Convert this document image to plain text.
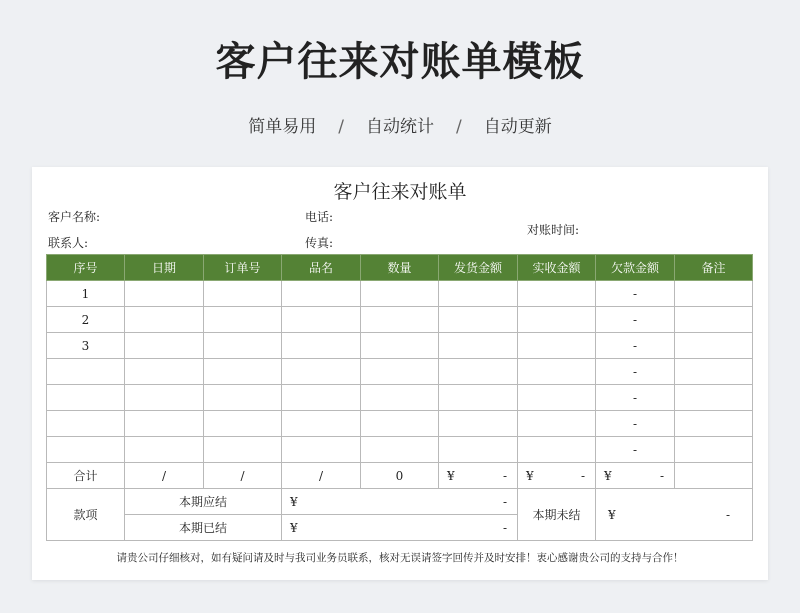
客户往来对账单模板
简单易用 / 自动统计 / 自动更新
客户往来对账单
客户名称:
联系人:
电话:
传真:
对账时间:
序号	日期	订单号	品名	数量	发货金额	实收金额	欠款金额	备注
1							-	
2							-	
3							-	
							-	
							-	
							-	
							-	
合计	/	/	/	0	¥ -	¥ -	¥ -	

款项	本期应结		¥ -			本期未结	¥ -	

	本期已结		¥ -					
请贵公司仔细核对，如有疑问请及时与我司业务员联系，核对无误请签字回传并及时安排！衷心感谢贵公司的支持与合作！
